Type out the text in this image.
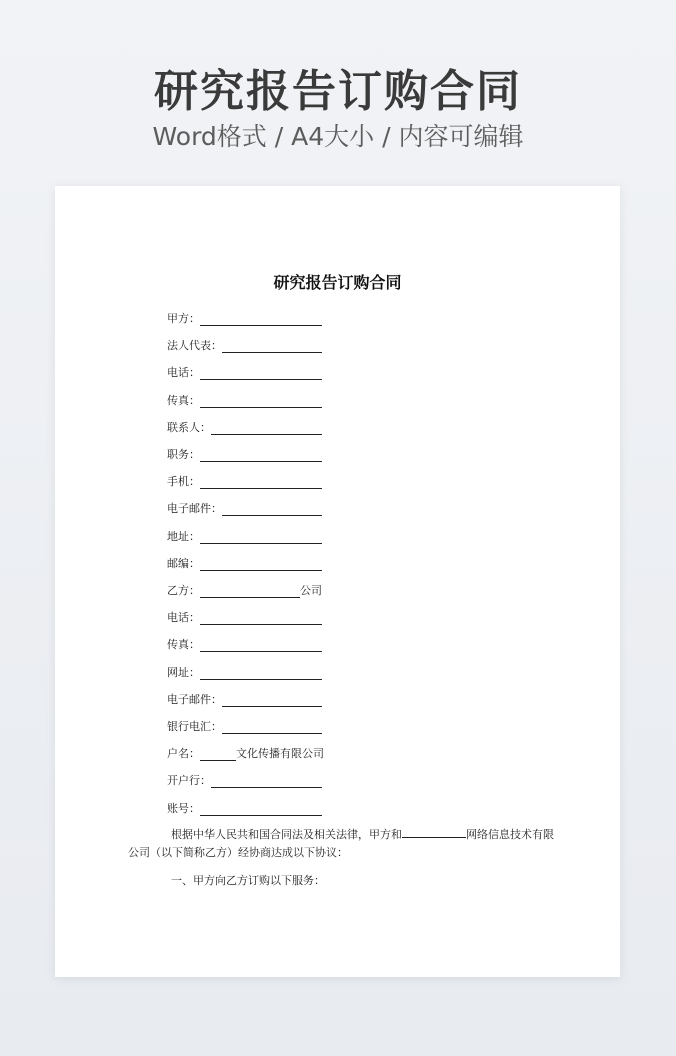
研究报告订购合同
Word格式 / A4大小 / 内容可编辑
研究报告订购合同
甲方：
法人代表：
电话：
传真：
联系人：
职务：
手机：
电子邮件：
地址：
邮编：
乙方：	公司
电话：
传真：
网址：
电子邮件：
银行电汇：
户名：	文化传播有限公司
开户行：
账号：
根据中华人民共和国合同法及相关法律，甲方和	网络信息技术有限
公司（以下简称乙方）经协商达成以下协议：
一、甲方向乙方订购以下服务：
